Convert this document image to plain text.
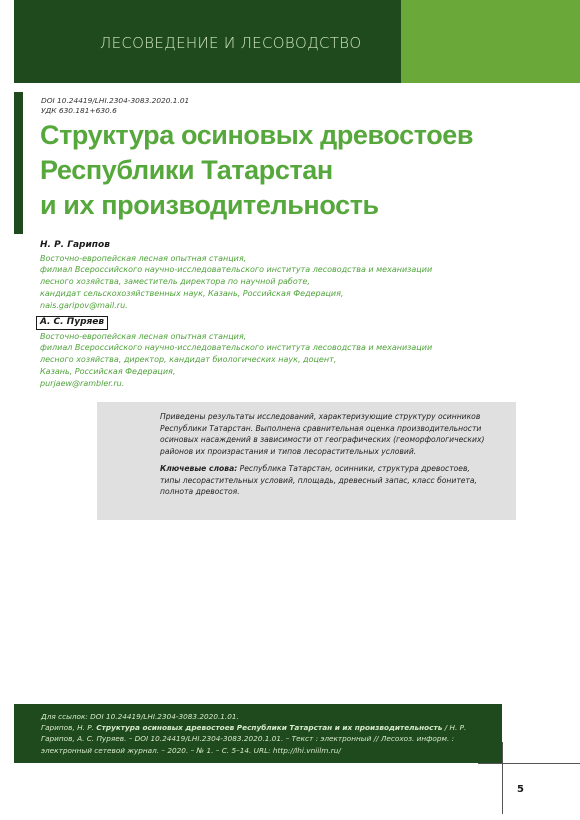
ЛЕСОВЕДЕНИЕ И ЛЕСОВОДСТВО
DOI 10.24419/LHI.2304-3083.2020.1.01
УДК 630.181+630.6
Структура осиновых древостоев
Республики Татарстан
и их производительность
Н. Р. Гарипов
Восточно-европейская лесная опытная станция,
филиал Всероссийского научно-исследовательского института лесоводства и механизации
лесного хозяйства, заместитель директора по научной работе,
кандидат сельскохозяйственных наук, Казань, Российская Федерация,
nais.garipov@mail.ru.
А. С. Пуряев
Восточно-европейская лесная опытная станция,
филиал Всероссийского научно-исследовательского института лесоводства и механизации
лесного хозяйства, директор, кандидат биологических наук, доцент,
Казань, Российская Федерация,
purjaew@rambler.ru.

Приведены результаты исследований, характеризующие структуру осинников Республики Татарстан. Выполнена сравнительная оценка производительности осиновых насаждений в зависимости от географических (геоморфологических) районов их произрастания и типов лесорастительных условий.

Ключевые слова: Республика Татарстан, осинники, структура древостоев, типы лесорастительных условий, площадь, древесный запас, класс бонитета, полнота древостоя.

Для ссылок: DOI 10.24419/LHI.2304-3083.2020.1.01.
Гарипов, Н. Р. Структура осиновых древостоев Республики Татарстан и их производительность / Н. Р. Гарипов, А. С. Пуряев. – DOI 10.24419/LHI.2304-3083.2020.1.01. – Текст : электронный // Лесохоз. информ. : электронный сетевой журнал. – 2020. – № 1. – С. 5–14. URL: http://lhi.vniilm.ru/

5
